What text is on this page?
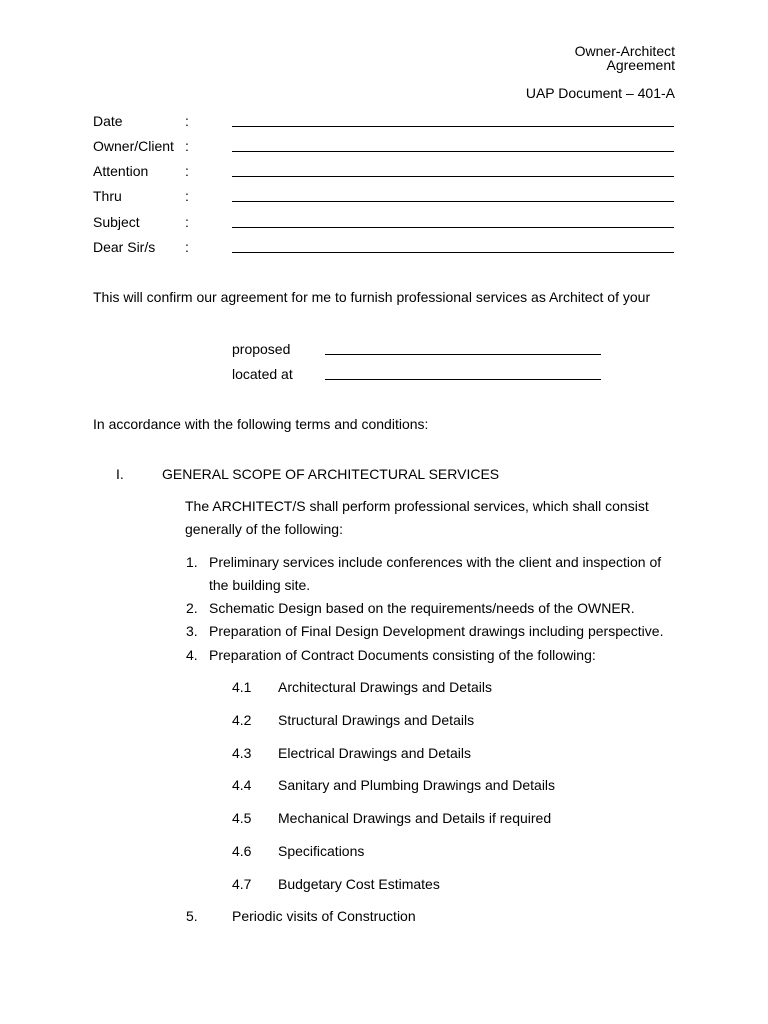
Owner-Architect
Agreement
UAP Document – 401-A
Date	:
Owner/Client :
Attention	:
Thru	:
Subject	:
Dear Sir/s :
This will confirm our agreement for me to furnish professional services as Architect of your
proposed
located at
In accordance with the following terms and conditions:
I.	GENERAL SCOPE OF ARCHITECTURAL SERVICES
The ARCHITECT/S shall perform professional services, which shall consist
generally of the following:
1. Preliminary services include conferences with the client and inspection of
the building site.
2. Schematic Design based on the requirements/needs of the OWNER.
3. Preparation of Final Design Development drawings including perspective.
4. Preparation of Contract Documents consisting of the following:
4.1 Architectural Drawings and Details
4.2 Structural Drawings and Details
4.3 Electrical Drawings and Details
4.4 Sanitary and Plumbing Drawings and Details
4.5 Mechanical Drawings and Details if required
4.6 Specifications
4.7 Budgetary Cost Estimates
5. Periodic visits of Construction
